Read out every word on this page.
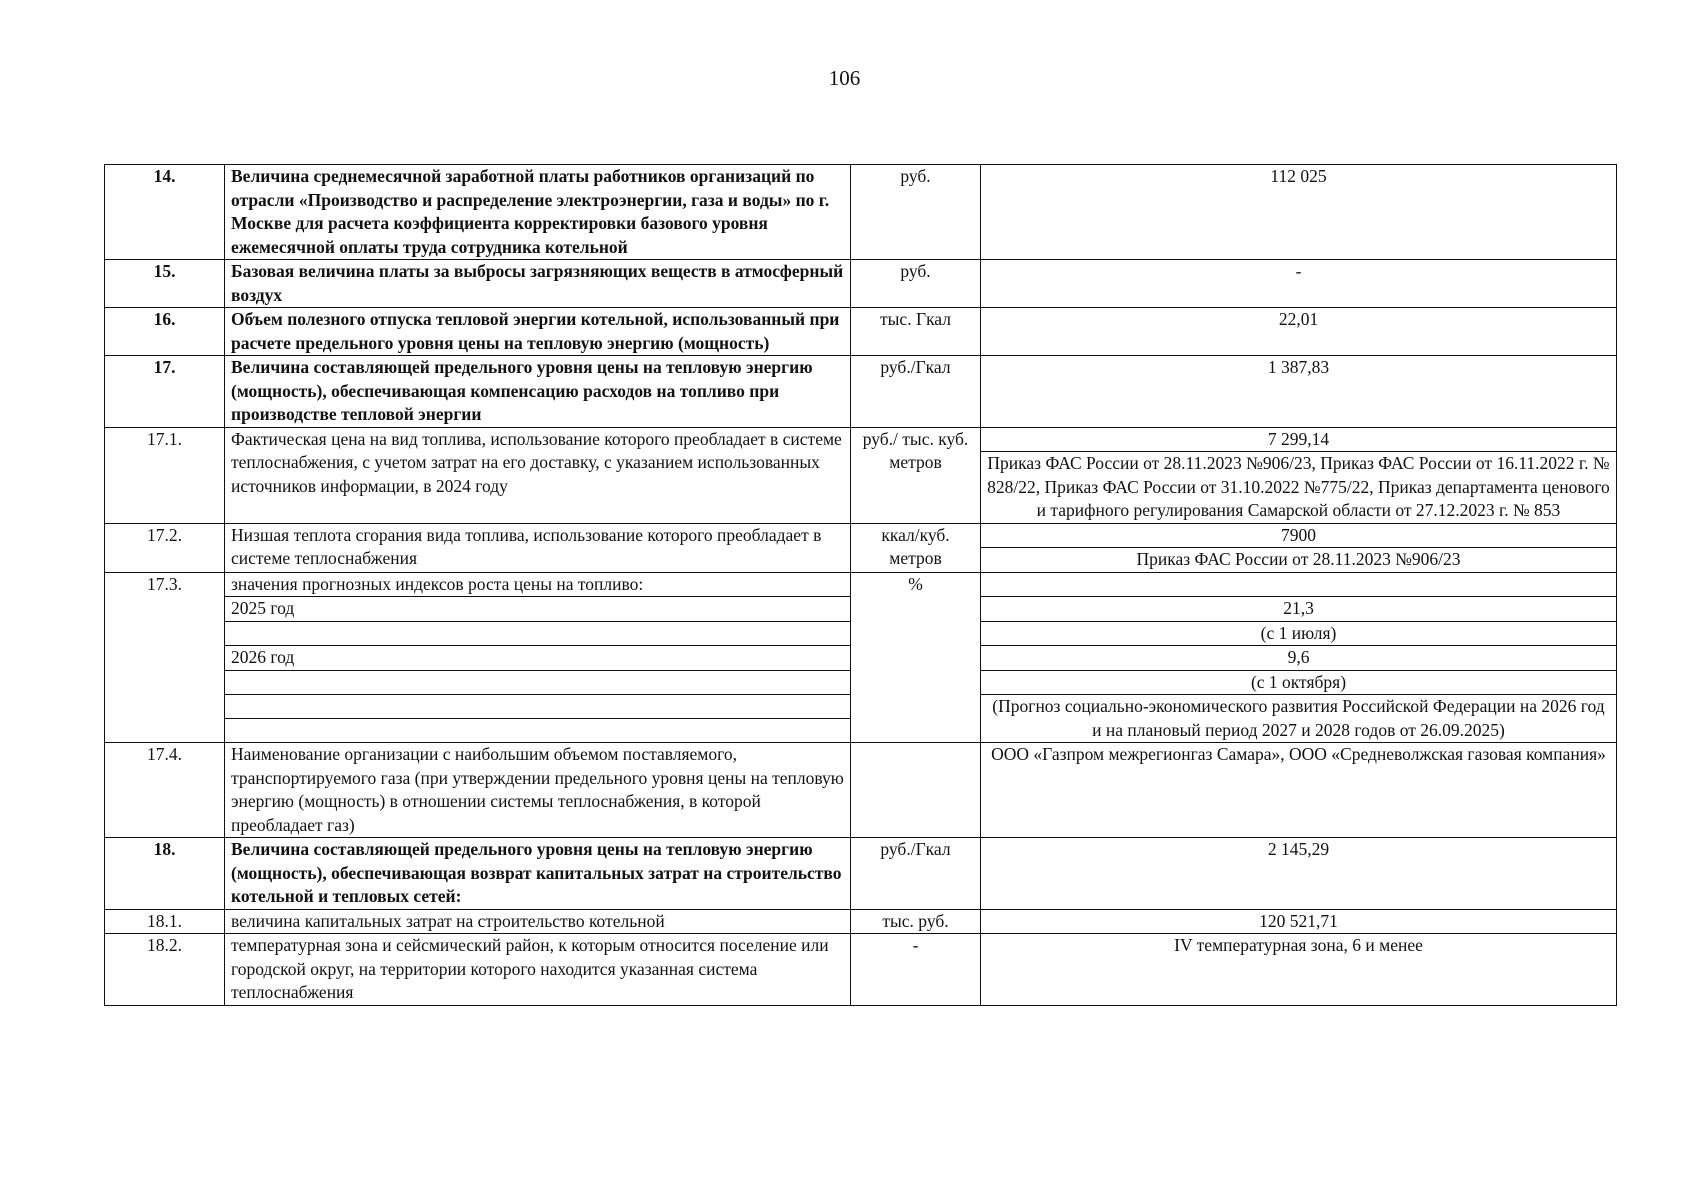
106
14.	Величина среднемесячной заработной платы работников организаций по отрасли «Производство и распределение электроэнергии, газа и воды» по г. Москве для расчета коэффициента корректировки базового уровня ежемесячной оплаты труда сотрудника котельной	руб.	112 025
15.	Базовая величина платы за выбросы загрязняющих веществ в атмосферный воздух	руб.	-
16.	Объем полезного отпуска тепловой энергии котельной, использованный при расчете предельного уровня цены на тепловую энергию (мощность)	тыс. Гкал	22,01
17.	Величина составляющей предельного уровня цены на тепловую энергию (мощность), обеспечивающая компенсацию расходов на топливо при производстве тепловой энергии	руб./Гкал	1 387,83
17.1.	Фактическая цена на вид топлива, использование которого преобладает в системе теплоснабжения, с учетом затрат на его доставку, с указанием использованных источников информации, в 2024 году	руб./ тыс. куб. метров	7 299,14
			Приказ ФАС России от 28.11.2023 №906/23, Приказ ФАС России от 16.11.2022 г. № 828/22, Приказ ФАС России от 31.10.2022 №775/22, Приказ департамента ценового и тарифного регулирования Самарской области от 27.12.2023 г. № 853
17.2.	Низшая теплота сгорания вида топлива, использование которого преобладает в системе теплоснабжения	ккал/куб. метров	7900
			Приказ ФАС России от 28.11.2023 №906/23
17.3.	значения прогнозных индексов роста цены на топливо:	%	
	2025 год		21,3
			(с 1 июля)
	2026 год		9,6
			(с 1 октября)
			(Прогноз социально-экономического развития Российской Федерации на 2026 год и на плановый период 2027 и 2028 годов от 26.09.2025)

17.4.	Наименование организации с наибольшим объемом поставляемого, транспортируемого газа (при утверждении предельного уровня цены на тепловую энергию (мощность) в отношении системы теплоснабжения, в которой преобладает газ)		ООО «Газпром межрегионгаз Самара», ООО «Средневолжская газовая компания»
18.	Величина составляющей предельного уровня цены на тепловую энергию (мощность), обеспечивающая возврат капитальных затрат на строительство котельной и тепловых сетей:	руб./Гкал	2 145,29
18.1.	величина капитальных затрат на строительство котельной	тыс. руб.	120 521,71
18.2.	температурная зона и сейсмический район, к которым относится поселение или городской округ, на территории которого находится указанная система теплоснабжения	-	IV температурная зона, 6 и менее
